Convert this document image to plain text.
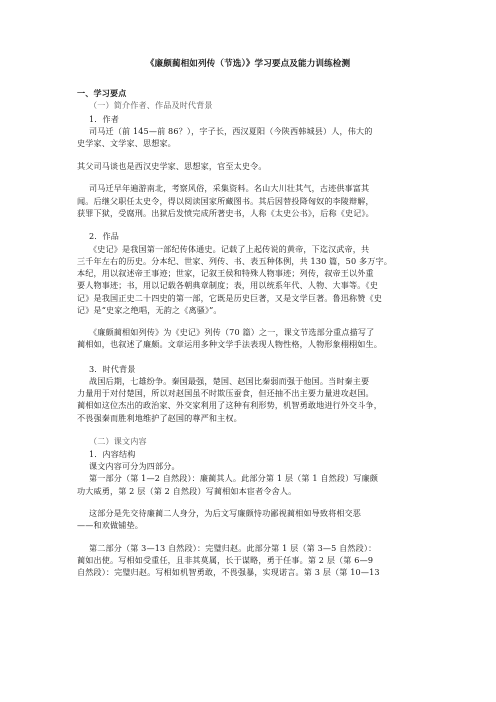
《廉颇蔺相如列传（节选）》学习要点及能力训练检测
一、学习要点
（一）简介作者、作品及时代背景
1．作者
司马迁（前 145—前 86？），字子长，西汉夏阳（今陕西韩城县）人，伟大的
史学家、文学家、思想家。
其父司马谈也是西汉史学家、思想家，官至太史令。
司马迁早年遍游南北，考察风俗，采集资料。名山大川壮其气，古迹供事富其
闻。后继父职任太史令，得以阅读国家所藏图书。其后因替投降匈奴的李陵辩解，
获罪下狱，受腐刑。出狱后发愤完成所著史书，人称《太史公书》，后称《史记》。
2．作品
《史记》是我国第一部纪传体通史。记载了上起传说的黄帝，下迄汉武帝，共
三千年左右的历史。分本纪、世家、列传、书、表五种体例，共 130 篇，50 多万字。
本纪，用以叙述帝王事迹；世家，记叙王侯和特殊人物事迹；列传，叙帝王以外重
要人物事迹；书，用以记载各朝典章制度；表，用以统系年代、人物、大事等。《史
记》是我国正史二十四史的第一部，它既是历史巨著，又是文学巨著。鲁迅称赞《史
记》是“史家之绝唱，无韵之《离骚》”。
《廉颇蔺相如列传》为《史记》列传（70 篇）之一，课文节选部分重点描写了
蔺相如，也叙述了廉颇。文章运用多种文学手法表现人物性格，人物形象栩栩如生。
3．时代背景
战国后期，七雄纷争。秦国最强，楚国、赵国比秦弱而强于他国。当时秦主要
力量用于对付楚国，所以对赵国虽不时欺压蚕食，但还抽不出主要力量进攻赵国。
蔺相如这位杰出的政治家、外交家利用了这种有利形势，机智勇敢地进行外交斗争，
不畏强秦而胜利地维护了赵国的尊严和主权。
（二）课文内容
1．内容结构
课文内容可分为四部分。
第一部分（第 1—2 自然段）：廉蔺其人。此部分第 1 层（第 1 自然段）写廉颇
功大威勇，第 2 层（第 2 自然段）写蔺相如本宦者令舍人。
这部分是先交待廉蔺二人身分，为后文写廉颇恃功鄙视蔺相如导致将相交恶
——和欢做铺垫。
第二部分（第 3—13 自然段）：完璧归赵。此部分第 1 层（第 3—5 自然段）：
蔺如出使。写相如受重任，且非其莫属，长于谋略，勇于任事。第 2 层（第 6—9
自然段）：完璧归赵。写相如机智勇敢，不畏强暴，实现诺言。第 3 层（第 10—13
